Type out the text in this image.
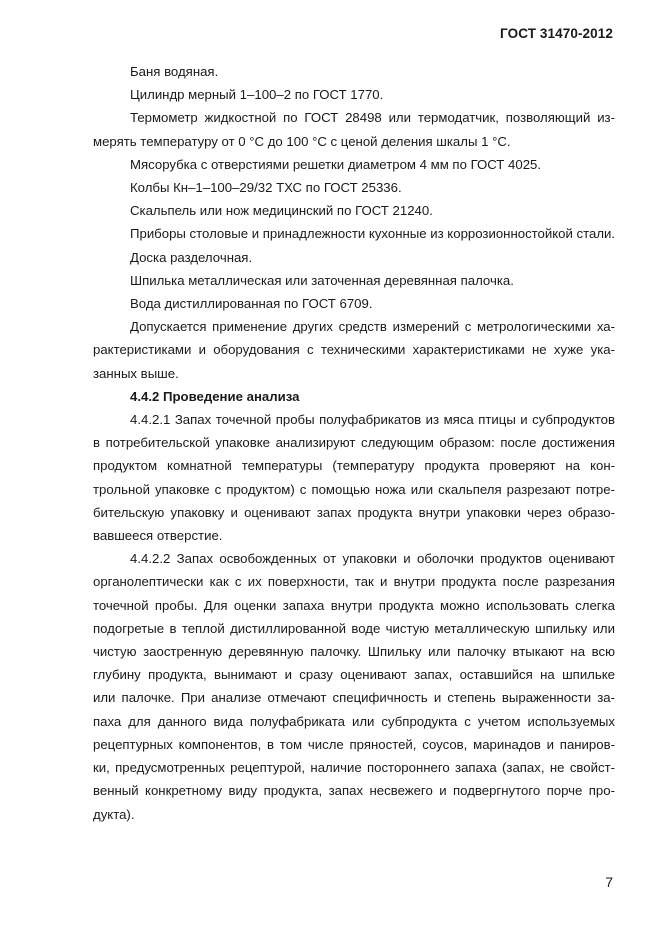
ГОСТ 31470-2012
Баня водяная.
Цилиндр мерный 1–100–2 по ГОСТ 1770.
Термометр жидкостной по ГОСТ 28498 или термодатчик, позволяющий из-
мерять температуру от 0 °С до 100 °С с ценой деления шкалы 1 °С.
Мясорубка с отверстиями решетки диаметром 4 мм по ГОСТ 4025.
Колбы Кн–1–100–29/32 ТХС по ГОСТ 25336.
Скальпель или нож медицинский по ГОСТ 21240.
Приборы столовые и принадлежности кухонные из коррозионностойкой стали.
Доска разделочная.
Шпилька металлическая или заточенная деревянная палочка.
Вода дистиллированная по ГОСТ 6709.
Допускается применение других средств измерений с метрологическими ха-
рактеристиками и оборудования с техническими характеристиками не хуже ука-
занных выше.
4.4.2 Проведение анализа
4.4.2.1 Запах точечной пробы полуфабрикатов из мяса птицы и субпродуктов
в потребительской упаковке анализируют следующим образом: после достижения
продуктом комнатной температуры (температуру продукта проверяют на кон-
трольной упаковке с продуктом) с помощью ножа или скальпеля разрезают потре-
бительскую упаковку и оценивают запах продукта внутри упаковки через образо-
вавшееся отверстие.
4.4.2.2 Запах освобожденных от упаковки и оболочки продуктов оценивают
органолептически как с их поверхности, так и внутри продукта после разрезания
точечной пробы. Для оценки запаха внутри продукта можно использовать слегка
подогретые в теплой дистиллированной воде чистую металлическую шпильку или
чистую заостренную деревянную палочку. Шпильку или палочку втыкают на всю
глубину продукта, вынимают и сразу оценивают запах, оставшийся на шпильке
или палочке. При анализе отмечают специфичность и степень выраженности за-
паха для данного вида полуфабриката или субпродукта с учетом используемых
рецептурных компонентов, в том числе пряностей, соусов, маринадов и паниров-
ки, предусмотренных рецептурой, наличие постороннего запаха (запах, не свойст-
венный конкретному виду продукта, запах несвежего и подвергнутого порче про-
дукта).
7
